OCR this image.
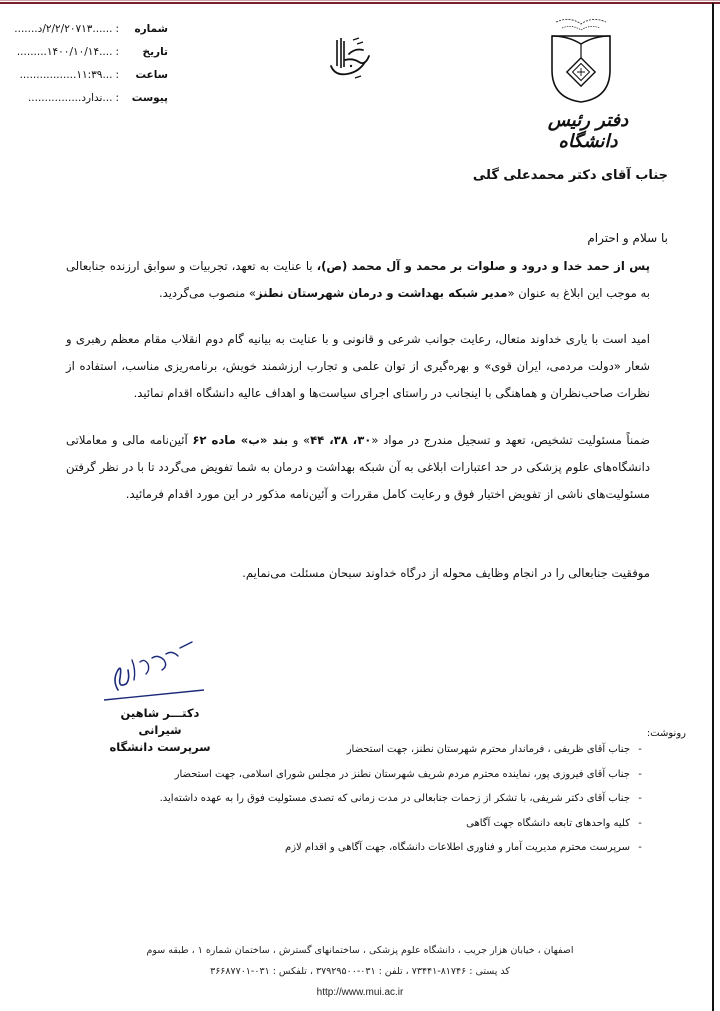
شماره
:
......۲/۲/۲۰۷۱۳/د.......
تاریخ
:
....۱۴۰۰/۱۰/۱۴.........
ساعت
:
...۱۱:۳۹.................
پیوست
:
...ندارد................
دفتر رئیس دانشگاه
جناب آقای دکتر محمدعلی گلی
با سلام و احترام
پس از حمد خدا و درود و صلوات بر محمد و آل محمد (ص)، با عنایت به تعهد، تجربیات و سوابق ارزنده جنابعالی به موجب این ابلاغ به عنوان «مدیر شبکه بهداشت و درمان شهرستان نطنز» منصوب می‌گردید.
امید است با یاری خداوند متعال، رعایت جوانب شرعی و قانونی و با عنایت به بیانیه گام دوم انقلاب مقام معظم رهبری و شعار «دولت مردمی، ایران قوی» و بهره‌گیری از توان علمی و تجارب ارزشمند خویش، برنامه‌ریزی مناسب، استفاده از نظرات صاحب‌نظران و هماهنگی با اینجانب در راستای اجرای سیاست‌ها و اهداف عالیه دانشگاه اقدام نمائید.
ضمناً مسئولیت تشخیص، تعهد و تسجیل مندرج در مواد «۳۰، ۳۸، ۴۴» و بند «ب» ماده ۶۲ آئین‌نامه مالی و معاملاتی دانشگاه‌های علوم پزشکی در حد اعتبارات ابلاغی به آن شبکه بهداشت و درمان به شما تفویض می‌گردد تا با در نظر گرفتن مسئولیت‌های ناشی از تفویض اختیار فوق و رعایت کامل مقررات و آئین‌نامه مذکور در این مورد اقدام فرمائید.
موفقیت جنابعالی را در انجام وظایف محوله از درگاه خداوند سبحان مسئلت می‌نمایم.
دکتـــر شاهین شیرانی
سرپرست دانشگاه
رونوشت:
-
جناب آقای ظریفی ، فرماندار محترم شهرستان نطنز، جهت استحضار
-
جناب آقای فیروزی پور، نماینده محترم مردم شریف شهرستان نطنز در مجلس شورای اسلامی، جهت استحضار
-
جناب آقای دکتر شریفی، با تشکر از زحمات جنابعالی در مدت زمانی که تصدی مسئولیت فوق را به عهده داشته‌اید.
-
کلیه واحدهای تابعه دانشگاه جهت آگاهی
-
سرپرست محترم مدیریت آمار و فناوری اطلاعات دانشگاه، جهت آگاهی و اقدام لازم
اصفهان ، خیابان هزار جریب ، دانشگاه علوم پزشکی ، ساختمانهای گسترش ، ساختمان شماره ۱ ، طبقه سوم
کد پستی : ۸۱۷۴۶-۷۳۴۴۱ ، تلفن : ۰۳۱-۳۷۹۲۹۵۰۰ ، تلفکس : ۰۳۱-۳۶۶۸۷۷۰۱
http://www.mui.ac.ir
